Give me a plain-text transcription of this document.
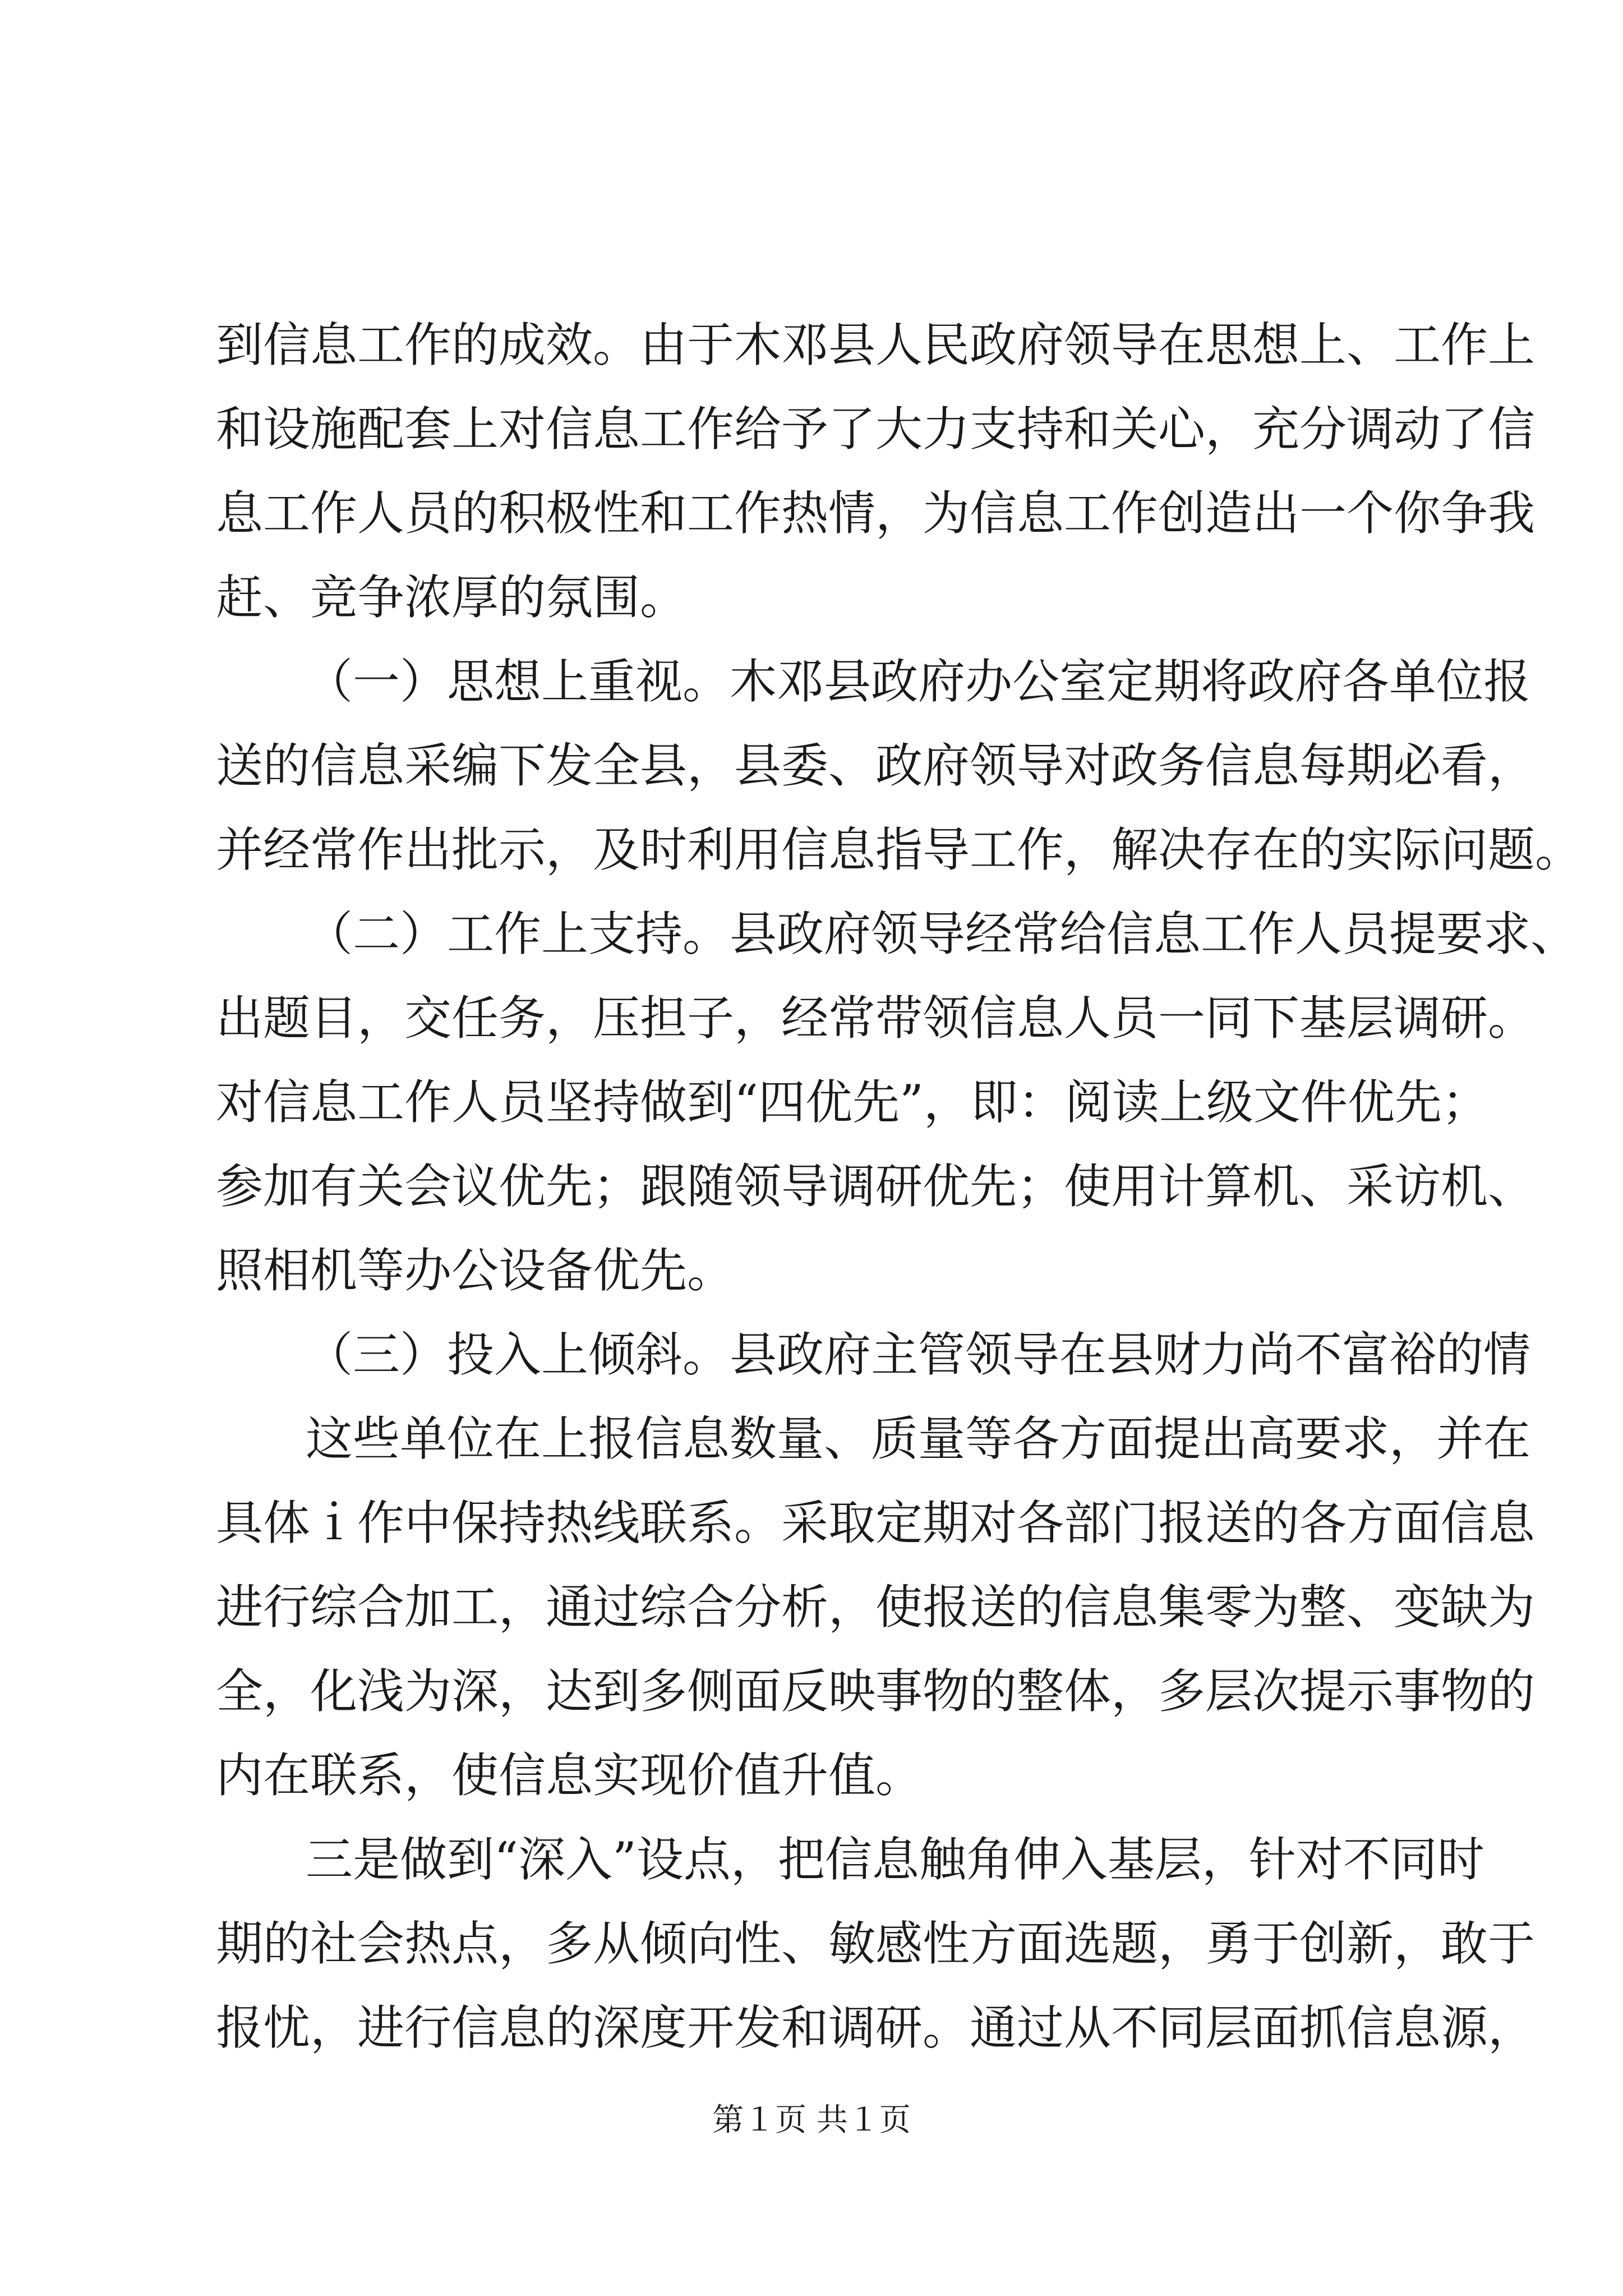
到信息工作的成效。由于木邓县人民政府领导在思想上、工作上
和设施配套上对信息工作给予了大力支持和关心，充分调动了信
息工作人员的积极性和工作热情，为信息工作创造出一个你争我
赶、竞争浓厚的氛围。
（一）思想上重视。木邓县政府办公室定期将政府各单位报
送的信息采编下发全县，县委、政府领导对政务信息每期必看，
并经常作出批示，及时利用信息指导工作，解决存在的实际问题。
（二）工作上支持。县政府领导经常给信息工作人员提要求、
出题目，交任务，压担子，经常带领信息人员一同下基层调研。
对信息工作人员坚持做到“四优先”，即：阅读上级文件优先；
参加有关会议优先；跟随领导调研优先；使用计算机、采访机、
照相机等办公设备优先。
（三）投入上倾斜。县政府主管领导在县财力尚不富裕的情
这些单位在上报信息数量、质量等各方面提出高要求，并在
具体ｉ作中保持热线联系。采取定期对各部门报送的各方面信息
进行综合加工，通过综合分析，使报送的信息集零为整、变缺为
全，化浅为深，达到多侧面反映事物的整体，多层次提示事物的
内在联系，使信息实现价值升值。
三是做到“深入”设点，把信息触角伸入基层，针对不同时
第１页 共１页
期的社会热点，多从倾向性、敏感性方面选题，勇于创新，敢于
报忧，进行信息的深度开发和调研。通过从不同层面抓信息源，
